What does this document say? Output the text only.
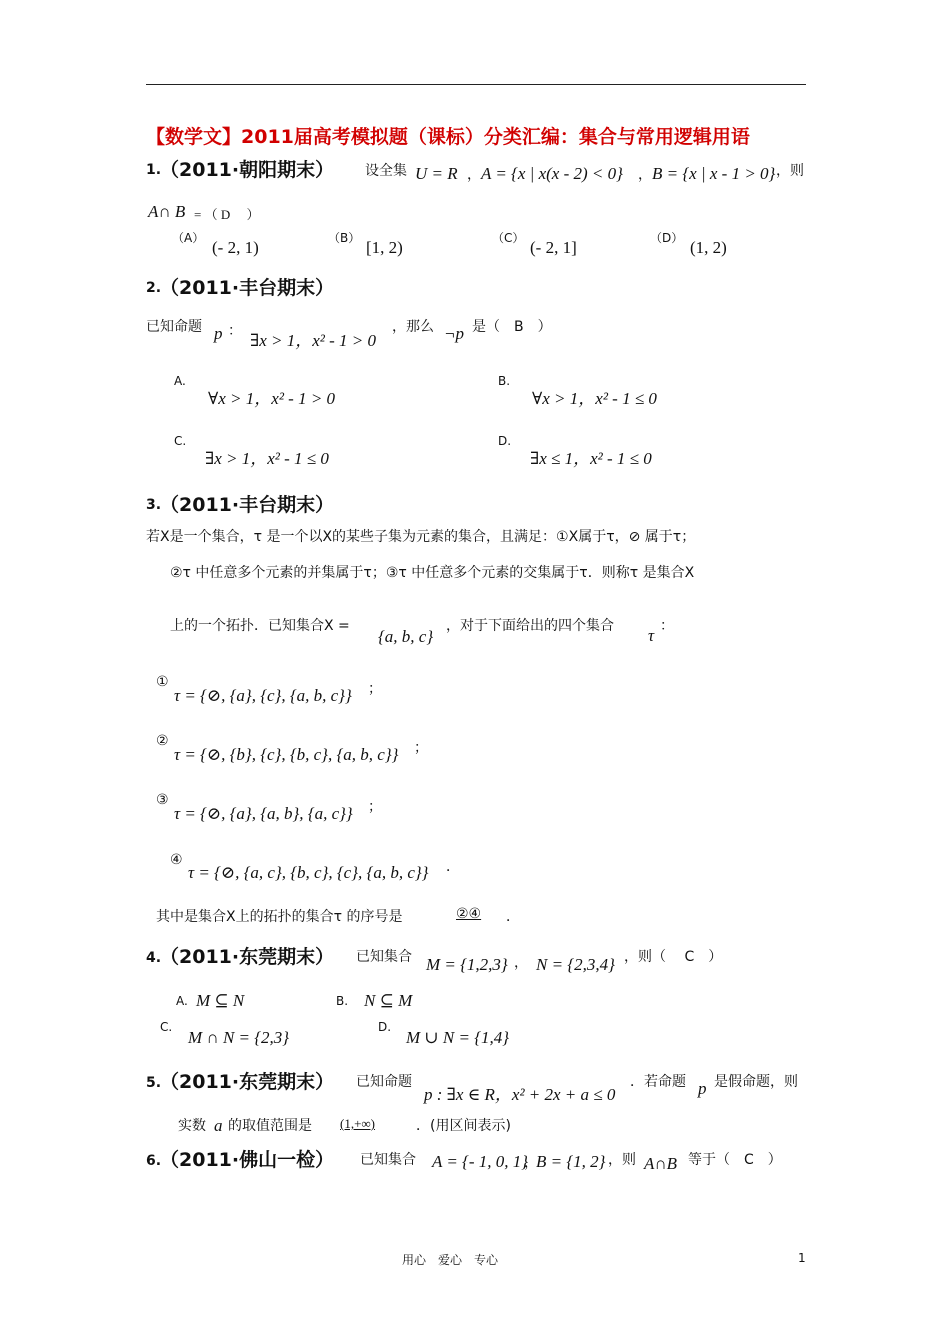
【数学文】2011届高考模拟题（课标）分类汇编：集合与常用逻辑用语
1.
（2011·朝阳期末） 设全集 U = R ， A = {x | x(x - 2) < 0} ， B = {x | x - 1 > 0} ，则
A∩ B = （ D　 ）
（A） (- 2, 1)	（B） [1, 2)	（C） (- 2, 1]	（D） (1, 2)
2.
（2011·丰台期末）
已知命题 p ： ∃x > 1，x² - 1 > 0
，那么 ¬p 是（　B　）
A.
∀x > 1，x² - 1 > 0
B.
∀x > 1，x² - 1 ≤ 0
C.
∃x > 1，x² - 1 ≤ 0
D.
∃x ≤ 1，x² - 1 ≤ 0
3.
（2011·丰台期末）
若X是一个集合，τ 是一个以X的某些子集为元素的集合，且满足：①X属于τ，⊘ 属于τ；
②τ 中任意多个元素的并集属于τ；③τ 中任意多个元素的交集属于τ．则称τ 是集合X
上的一个拓扑．已知集合X =
{a, b, c}
，对于下面给出的四个集合 τ ：
①
τ = {⊘, {a}, {c}, {a, b, c}} ；
②
τ = {⊘, {b}, {c}, {b, c}, {a, b, c}} ；
③
τ = {⊘, {a}, {a, b}, {a, c}} ；
④
τ = {⊘, {a, c}, {b, c}, {c}, {a, b, c}} ．
其中是集合X上的拓扑的集合τ 的序号是	②④ ．
4.
（2011·东莞期末） 已知集合 M = {1,2,3} ， N = {2,3,4} ，则（　 C　）
A. M ⊆ N	B. N ⊆ M
C.
M ∩ N = {2,3}
D.
M ∪ N = {1,4}
5.
（2011·东莞期末） 已知命题
p : ∃x ∈ R，x² + 2x + a ≤ 0
．若命题 p 是假命题，则
实数 a 的取值范围是 (1,+∞)	．(用区间表示)
6.
（2011·佛山一检） 已知集合 A = {- 1, 0, 1}
，
B = {1, 2} ，则 A∩B 等于（　C　）
用心　爱心　专心	1
